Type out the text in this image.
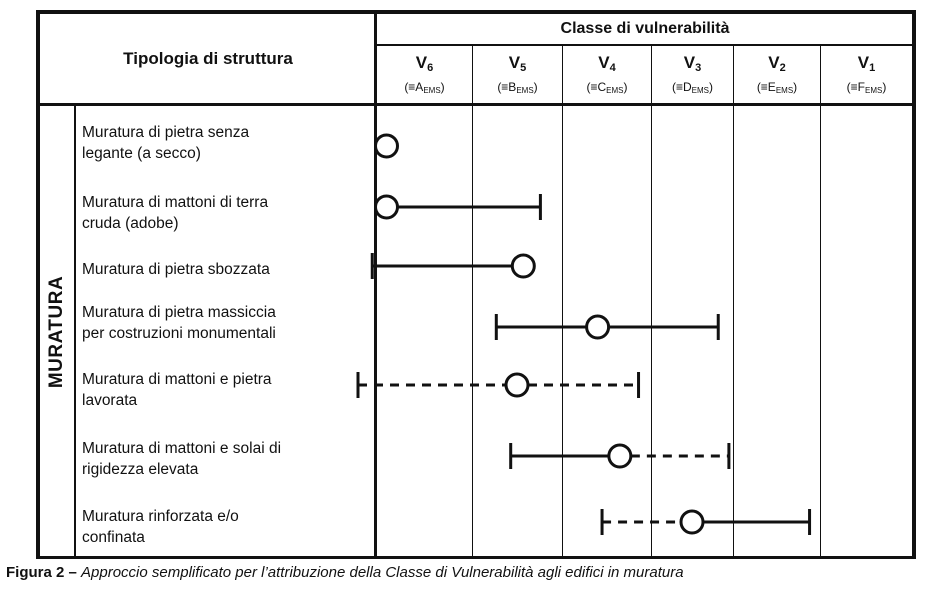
Tipologia di struttura
Classe di vulnerabilità
$V_6$
$(\equiv A_{EMS})$
$V_5$
$(\equiv B_{EMS})$
$V_4$
$(\equiv C_{EMS})$
$V_3$
$(\equiv D_{EMS})$
$V_2$
$(\equiv E_{EMS})$
$V_1$
$(\equiv F_{EMS})$
MURATURA
Muratura di pietra senza
legante (a secco)
Muratura di mattoni di terra
cruda (adobe)
Muratura di pietra sbozzata
Muratura di pietra massiccia
per costruzioni monumentali
Muratura di mattoni e pietra
lavorata
Muratura di mattoni e solai di
rigidezza elevata
Muratura rinforzata e/o
confinata
Figura 2 – Approccio semplificato per l’attribuzione della Classe di Vulnerabilità agli edifici in muratura
